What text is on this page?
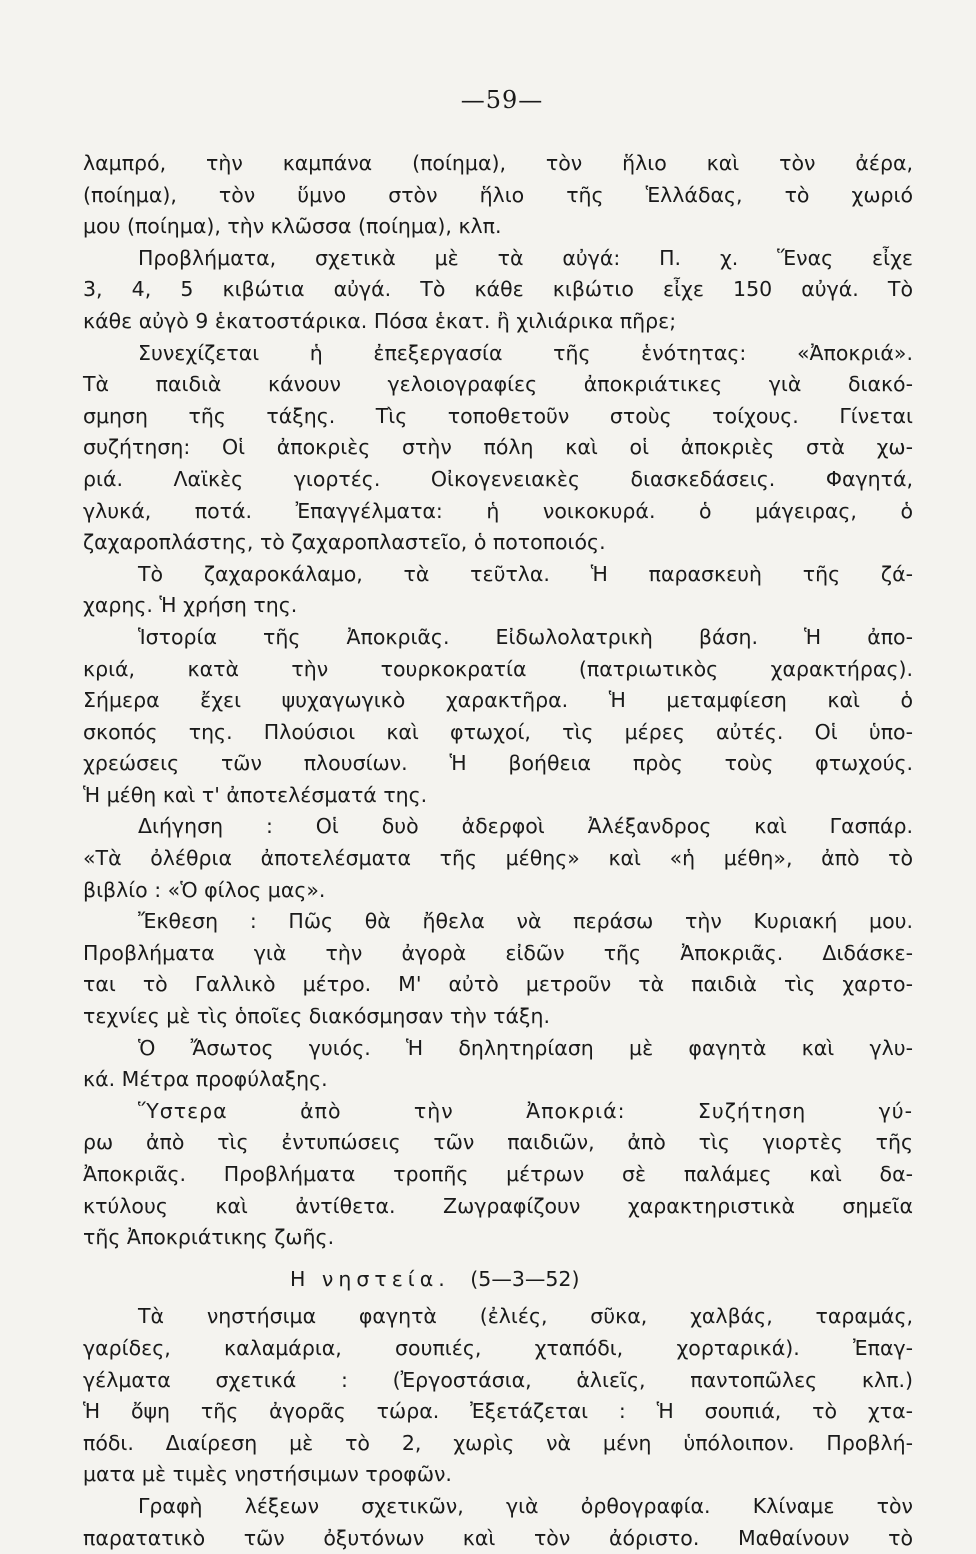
—59—
λαμπρό, τὴν καμπάνα (ποίημα), τὸν ἥλιο καὶ τὸν ἀέρα,
(ποίημα), τὸν ὕμνο στὸν ἥλιο τῆς Ἑλλάδας, τὸ χωριό
μου (ποίημα), τὴν κλῶσσα (ποίημα), κλπ.
Προβλήματα, σχετικὰ μὲ τὰ αὐγά: Π. χ. Ἕνας εἶχε
3, 4, 5 κιβώτια αὐγά. Τὸ κάθε κιβώτιο εἶχε 150 αὐγά. Τὸ
κάθε αὐγὸ 9 ἑκατοστάρικα. Πόσα ἑκατ. ἢ χιλιάρικα πῆρε;
Συνεχίζεται ἡ ἐπεξεργασία τῆς ἑνότητας: «Ἀποκριά».
Τὰ παιδιὰ κάνουν γελοιογραφίες ἀποκριάτικες γιὰ διακό-
σμηση τῆς τάξης. Τὶς τοποθετοῦν στοὺς τοίχους. Γίνεται
συζήτηση: Οἱ ἀποκριὲς στὴν πόλη καὶ οἱ ἀποκριὲς στὰ χω-
ριά. Λαϊκὲς γιορτές. Οἰκογενειακὲς διασκεδάσεις. Φαγητά,
γλυκά, ποτά. Ἐπαγγέλματα: ἡ νοικοκυρά. ὁ μάγειρας, ὁ
ζαχαροπλάστης, τὸ ζαχαροπλαστεῖο, ὁ ποτοποιός.
Τὸ ζαχαροκάλαμο, τὰ τεῦτλα. Ἡ παρασκευὴ τῆς ζά-
χαρης. Ἡ χρήση της.
Ἱστορία τῆς Ἀποκριᾶς. Εἰδωλολατρικὴ βάση. Ἡ ἀπο-
κριά, κατὰ τὴν τουρκοκρατία (πατριωτικὸς χαρακτήρας).
Σήμερα ἔχει ψυχαγωγικὸ χαρακτῆρα. Ἡ μεταμφίεση καὶ ὁ
σκοπός της. Πλούσιοι καὶ φτωχοί, τὶς μέρες αὐτές. Οἱ ὑπο-
χρεώσεις τῶν πλουσίων. Ἡ βοήθεια πρὸς τοὺς φτωχούς.
Ἡ μέθη καὶ τ' ἀποτελέσματά της.
Διήγηση : Οἱ δυὸ ἀδερφοὶ Ἀλέξανδρος καὶ Γασπάρ.
«Τὰ ὀλέθρια ἀποτελέσματα τῆς μέθης» καὶ «ἡ μέθη», ἀπὸ τὸ
βιβλίο : «Ὁ φίλος μας».
Ἔκθεση : Πῶς θὰ ἤθελα νὰ περάσω τὴν Κυριακή μου.
Προβλήματα γιὰ τὴν ἀγορὰ εἰδῶν τῆς Ἀποκριᾶς. Διδάσκε-
ται τὸ Γαλλικὸ μέτρο. Μ' αὐτὸ μετροῦν τὰ παιδιὰ τὶς χαρτο-
τεχνίες μὲ τὶς ὁποῖες διακόσμησαν τὴν τάξη.
Ὁ Ἄσωτος γυιός. Ἡ δηλητηρίαση μὲ φαγητὰ καὶ γλυ-
κά. Μέτρα προφύλαξης.
Ὕστερα ἀπὸ τὴν Ἀποκριά: Συζήτηση γύ-
ρω ἀπὸ τὶς ἐντυπώσεις τῶν παιδιῶν, ἀπὸ τὶς γιορτὲς τῆς
Ἀποκριᾶς. Προβλήματα τροπῆς μέτρων σὲ παλάμες καὶ δα-
κτύλους καὶ ἀντίθετα. Ζωγραφίζουν χαρακτηριστικὰ σημεῖα
τῆς Ἀποκριάτικης ζωῆς.
Η νηστεία. (5—3—52)
Τὰ νηστήσιμα φαγητὰ (ἐλιές, σῦκα, χαλβάς, ταραμάς,
γαρίδες, καλαμάρια, σουπιές, χταπόδι, χορταρικά). Ἐπαγ-
γέλματα σχετικά : (Ἐργοστάσια, ἁλιεῖς, παντοπῶλες κλπ.)
Ἡ ὄψη τῆς ἀγορᾶς τώρα. Ἐξετάζεται : Ἡ σουπιά, τὸ χτα-
πόδι. Διαίρεση μὲ τὸ 2, χωρὶς νὰ μένη ὑπόλοιπον. Προβλή-
ματα μὲ τιμὲς νηστήσιμων τροφῶν.
Γραφὴ λέξεων σχετικῶν, γιὰ ὀρθογραφία. Κλίναμε τὸν
παρατατικὸ τῶν ὀξυτόνων καὶ τὸν ἀόριστο. Μαθαίνουν τὸ
